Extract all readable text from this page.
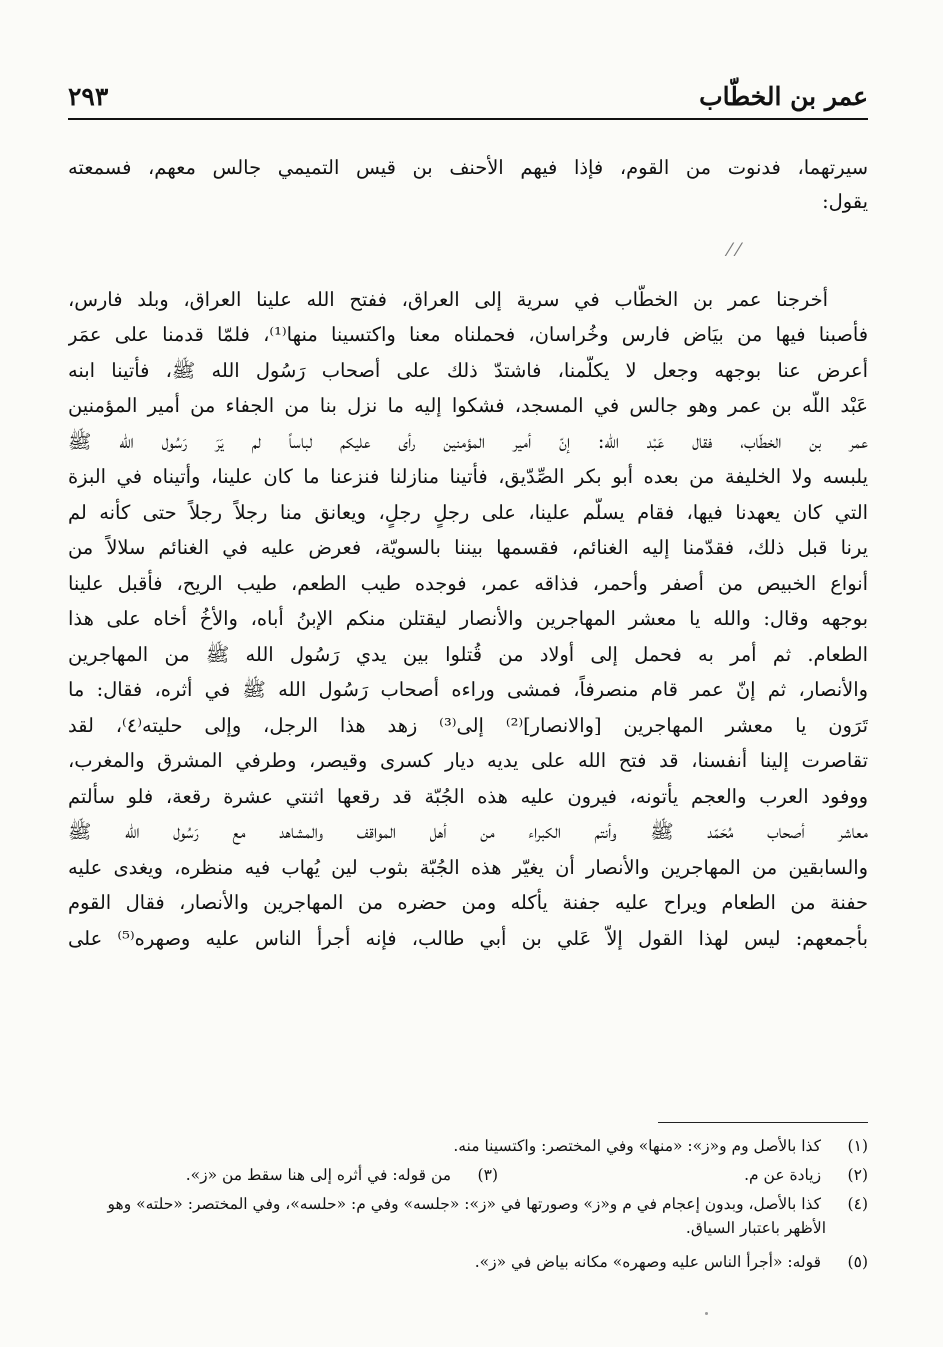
عمر بن الخطّاب
٢٩٣
سيرتهما، فدنوت من القوم، فإذا فيهم الأحنف بن قيس التميمي جالس معهم، فسمعته
يقول:
⁄ ⁄
أخرجنا عمر بن الخطّاب في سرية إلى العراق، ففتح الله علينا العراق، وبلد فارس،
فأصبنا فيها من بيَاض فارس وخُراسان، فحملناه معنا واكتسينا منها⁽¹⁾، فلمّا قدمنا على عمَر
أعرض عنا بوجهه وجعل لا يكلّمنا، فاشتدّ ذلك على أصحاب رَسُول الله ﷺ، فأتينا ابنه
عَبْد اللّه بن عمر وهو جالس في المسجد، فشكوا إليه ما نزل بنا من الجفاء من أمير المؤمنين
عمر بن الخطّاب، فقال عَبْد اللّه: إنّ أمير المؤمنين رأى عليكم لباساً لم يَرَ رَسُول الله ﷺ
يلبسه ولا الخليفة من بعده أبو بكر الصِّدّيق، فأتينا منازلنا فنزعنا ما كان علينا، وأتيناه في البزة
التي كان يعهدنا فيها، فقام يسلّم علينا، على رجلٍ رجلٍ، ويعانق منا رجلاً رجلاً حتى كأنه لم
يرنا قبل ذلك، فقدّمنا إليه الغنائم، فقسمها بيننا بالسويّة، فعرض عليه في الغنائم سلالاً من
أنواع الخبيص من أصفر وأحمر، فذاقه عمر، فوجده طيب الطعم، طيب الريح، فأقبل علينا
بوجهه وقال: والله يا معشر المهاجرين والأنصار ليقتلن منكم الإبنُ أباه، والأخُ أخاه على هذا
الطعام. ثم أمر به فحمل إلى أولاد من قُتلوا بين يدي رَسُول الله ﷺ من المهاجرين
والأنصار، ثم إنّ عمر قام منصرفاً، فمشى وراءه أصحاب رَسُول الله ﷺ في أثره، فقال: ما
تَرَون يا معشر المهاجرين [والانصار]⁽²⁾ إلى⁽³⁾ زهد هذا الرجل، وإلى حليته⁽٤⁾، لقد
تقاصرت إلينا أنفسنا، قد فتح الله على يديه ديار كسرى وقيصر، وطرفي المشرق والمغرب،
ووفود العرب والعجم يأتونه، فيرون عليه هذه الجُبّة قد رقعها اثنتي عشرة رقعة، فلو سألتم
معاشر أصحاب مُحَمّد ﷺ وأنتم الكبراء من أهل المواقف والمشاهد مع رَسُول الله ﷺ
والسابقين من المهاجرين والأنصار أن يغيّر هذه الجُبّة بثوب لين يُهاب فيه منظره، ويغدى عليه
حفنة من الطعام ويراح عليه جفنة يأكله ومن حضره من المهاجرين والأنصار، فقال القوم
بأجمعهم: ليس لهذا القول إلاّ عَلي بن أبي طالب، فإنه أجرأ الناس عليه وصهره⁽⁵⁾ على
(١) كذا بالأصل وم و«ز»: «منها» وفي المختصر: واكتسينا منه.
(٢) زيادة عن م.
(٣) من قوله: في أثره إلى هنا سقط من «ز».
(٤) كذا بالأصل، وبدون إعجام في م و«ز» وصورتها في «ز»: «جلسه» وفي م: «حلسه»، وفي المختصر: «حلته» وهو
الأظهر باعتبار السياق.
(٥) قوله: «أجرأ الناس عليه وصهره» مكانه بياض في «ز».
